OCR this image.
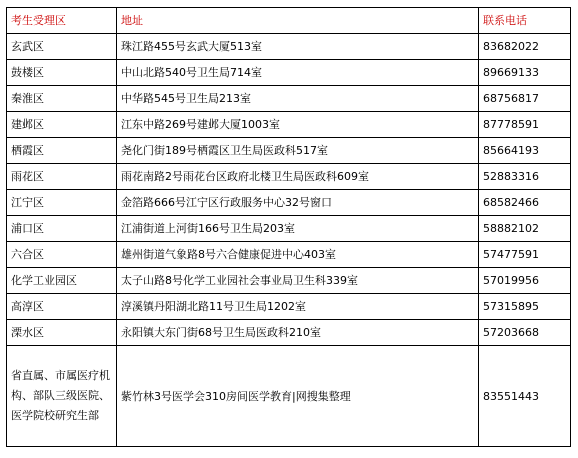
考生受理区	地址	联系电话
玄武区	珠江路455号玄武大厦513室	83682022
鼓楼区	中山北路540号卫生局714室	89669133
秦淮区	中华路545号卫生局213室	68756817
建邺区	江东中路269号建邺大厦1003室	87778591
栖霞区	尧化门街189号栖霞区卫生局医政科517室	85664193
雨花区	雨花南路2号雨花台区政府北楼卫生局医政科609室	52883316
江宁区	金箔路666号江宁区行政服务中心32号窗口	68582466
浦口区	江浦街道上河街166号卫生局203室	58882102
六合区	雄州街道气象路8号六合健康促进中心403室	57477591
化学工业园区	太子山路8号化学工业园社会事业局卫生科339室	57019956
高淳区	淳溪镇丹阳湖北路11号卫生局1202室	57315895
溧水区	永阳镇大东门街68号卫生局医政科210室	57203668
省直属、市属医疗机构、部队三级医院、医学院校研究生部	紫竹林3号医学会310房间医学教育|网搜集整理	83551443
